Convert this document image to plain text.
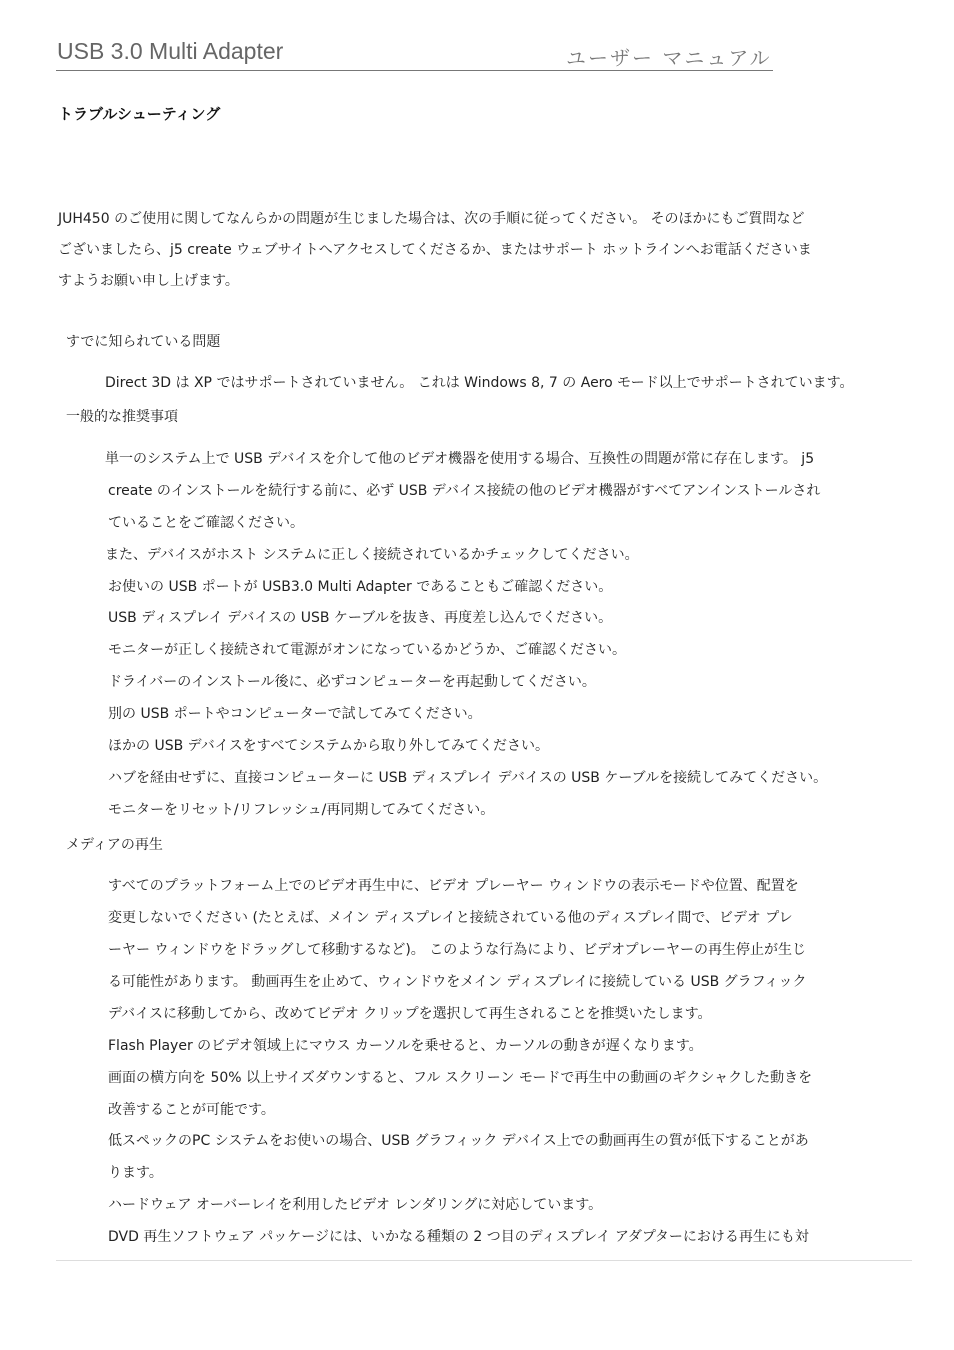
USB 3.0 Multi Adapter	ユーザー マニュアル
トラブルシューティング

JUH450 のご使用に関してなんらかの問題が生じました場合は、次の手順に従ってください。 そのほかにもご質問など

ございましたら、j5 create ウェブサイトへアクセスしてくださるか、またはサポート ホットラインへお電話くださいま

すようお願い申し上げます。

すでに知られている問題
Direct 3D は XP ではサポートされていません。 これは Windows 8, 7 の Aero モード以上でサポートされています。
一般的な推奨事項
単一のシステム上で USB デバイスを介して他のビデオ機器を使用する場合、互換性の問題が常に存在します。 j5
create のインストールを続行する前に、必ず USB デバイス接続の他のビデオ機器がすべてアンインストールされ
ていることをご確認ください。
また、デバイスがホスト システムに正しく接続されているかチェックしてください。
お使いの USB ポートが USB3.0 Multi Adapter であることもご確認ください。
USB ディスプレイ デバイスの USB ケーブルを抜き、再度差し込んでください。
モニターが正しく接続されて電源がオンになっているかどうか、ご確認ください。
ドライバーのインストール後に、必ずコンピューターを再起動してください。
別の USB ポートやコンピューターで試してみてください。
ほかの USB デバイスをすべてシステムから取り外してみてください。
ハブを経由せずに、直接コンピューターに USB ディスプレイ デバイスの USB ケーブルを接続してみてください。
モニターをリセット/リフレッシュ/再同期してみてください。
メディアの再生
すべてのプラットフォーム上でのビデオ再生中に、ビデオ プレーヤー ウィンドウの表示モードや位置、配置を
変更しないでください (たとえば、メイン ディスプレイと接続されている他のディスプレイ間で、ビデオ プレ
ーヤー ウィンドウをドラッグして移動するなど)。 このような行為により、ビデオプレーヤーの再生停止が生じ
る可能性があります。 動画再生を止めて、ウィンドウをメイン ディスプレイに接続している USB グラフィック
デバイスに移動してから、改めてビデオ クリップを選択して再生されることを推奨いたします。
Flash Player のビデオ領域上にマウス カーソルを乗せると、カーソルの動きが遅くなります。
画面の横方向を 50% 以上サイズダウンすると、フル スクリーン モードで再生中の動画のギクシャクした動きを
改善することが可能です。
低スペックのPC システムをお使いの場合、USB グラフィック デバイス上での動画再生の質が低下することがあ
ります。
ハードウェア オーバーレイを利用したビデオ レンダリングに対応しています。
DVD 再生ソフトウェア パッケージには、いかなる種類の 2 つ目のディスプレイ アダプターにおける再生にも対
